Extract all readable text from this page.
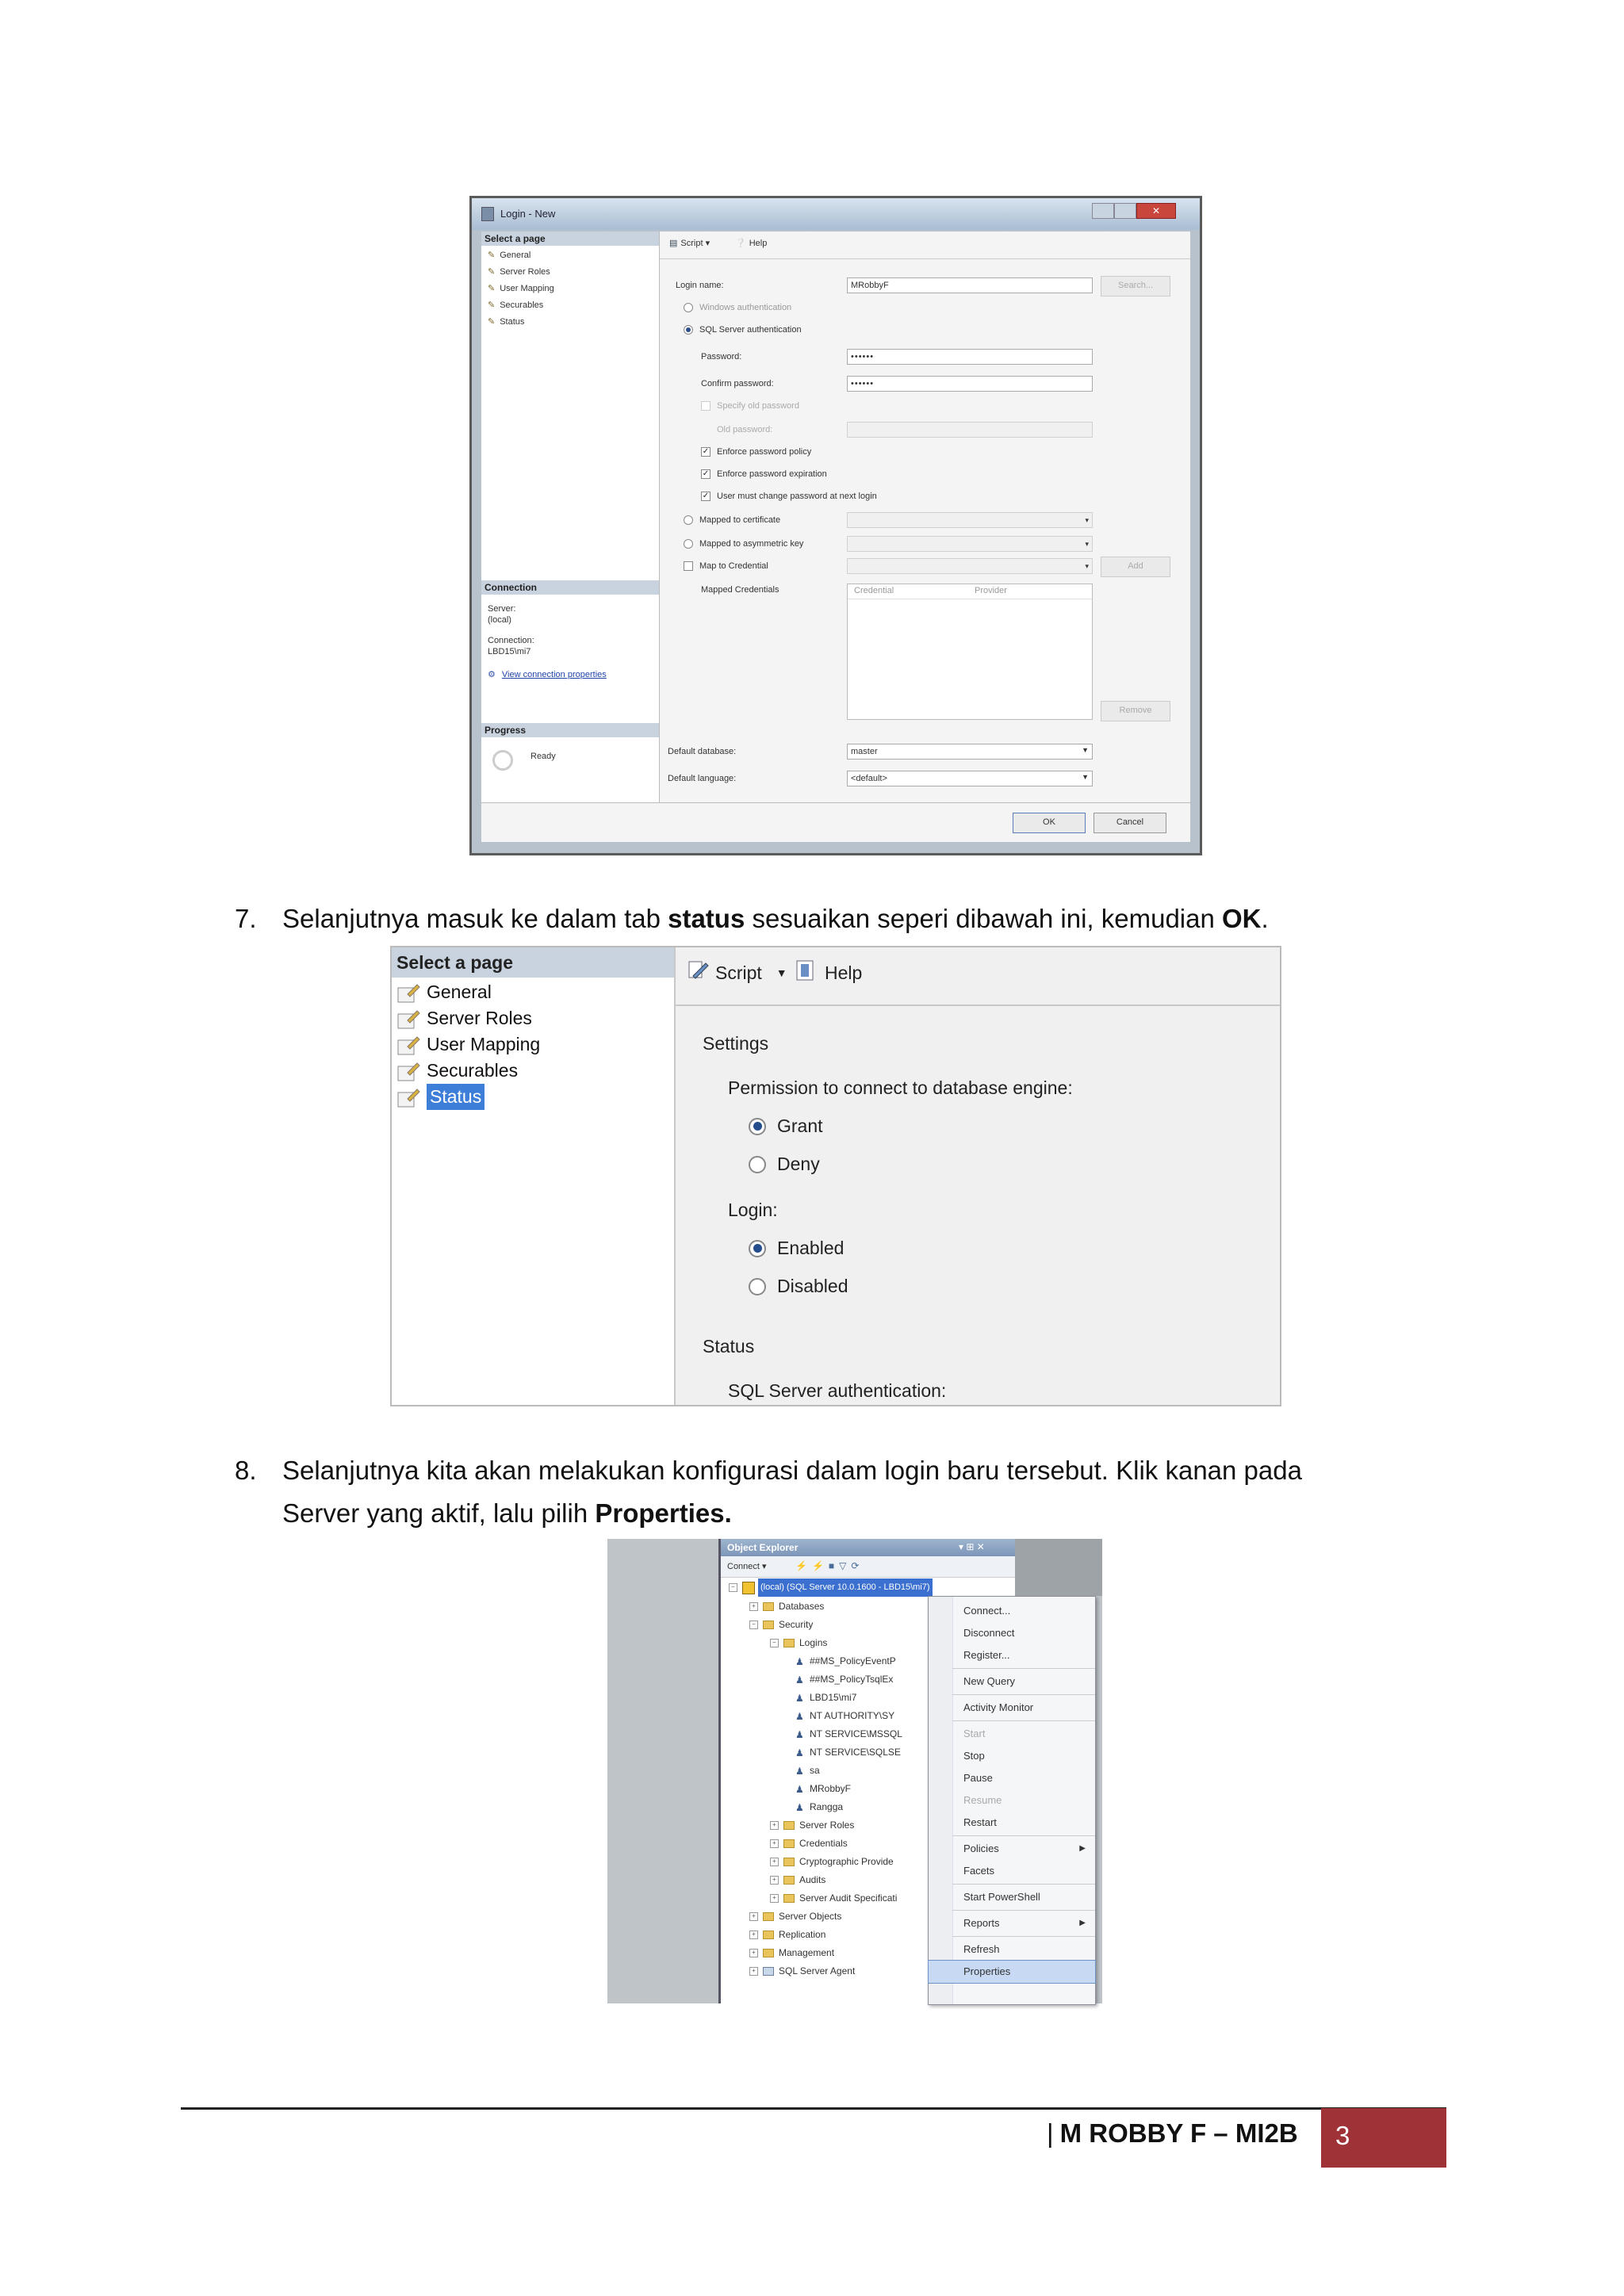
Login - New	✕
Select a page
✎ General
✎ Server Roles
✎ User Mapping
✎ Securables
✎ Status
Connection
Server:
(local)
Connection:
LBD15\mi7
⚙ View connection properties
Progress
Ready
▤ Script ▾	❔ Help
Login name:	MRobbyF	Search...
Windows authentication
SQL Server authentication
Password:	••••••
Confirm password:	••••••
Specify old password
Old password:
✓ Enforce password policy
✓ Enforce password expiration
✓ User must change password at next login
Mapped to certificate	▾
Mapped to asymmetric key	▾
Map to Credential	▾	Add
Mapped Credentials	Credential	Provider
Remove
Default database:	master	▼
Default language:	<default>	▼
OK	Cancel
7. Selanjutnya masuk ke dalam tab status sesuaikan seperi dibawah ini, kemudian OK.
Select a page
General
Server Roles
User Mapping
Securables
Status
Script ▼ Help
Settings
Permission to connect to database engine:
Grant
Deny
Login:
Enabled
Disabled
Status
SQL Server authentication:
8. Selanjutnya kita akan melakukan konfigurasi dalam login baru tersebut. Klik kanan pada
Server yang aktif, lalu pilih Properties.
Object Explorer	▾ ⊞ ✕
Connect ▾	⚡⚡■▽⟳
−	(local) (SQL Server 10.0.1600 - LBD15\mi7)
+ Databases
− Security
− Logins
♟ ##MS_PolicyEventP
♟ ##MS_PolicyTsqlEx
♟ LBD15\mi7
♟ NT AUTHORITY\SY
♟ NT SERVICE\MSSQL
♟ NT SERVICE\SQLSE
♟ sa
♟ MRobbyF
♟ Rangga
+ Server Roles
+ Credentials
+ Cryptographic Provide
+ Audits
+ Server Audit Specificati
+ Server Objects
+ Replication
+ Management
+ SQL Server Agent
Connect...
Disconnect
Register...
New Query
Activity Monitor
Start
Stop
Pause
Resume
Restart
Policies	▶
Facets
Start PowerShell
Reports	▶
Refresh
Properties
| M ROBBY F – MI2B 3
